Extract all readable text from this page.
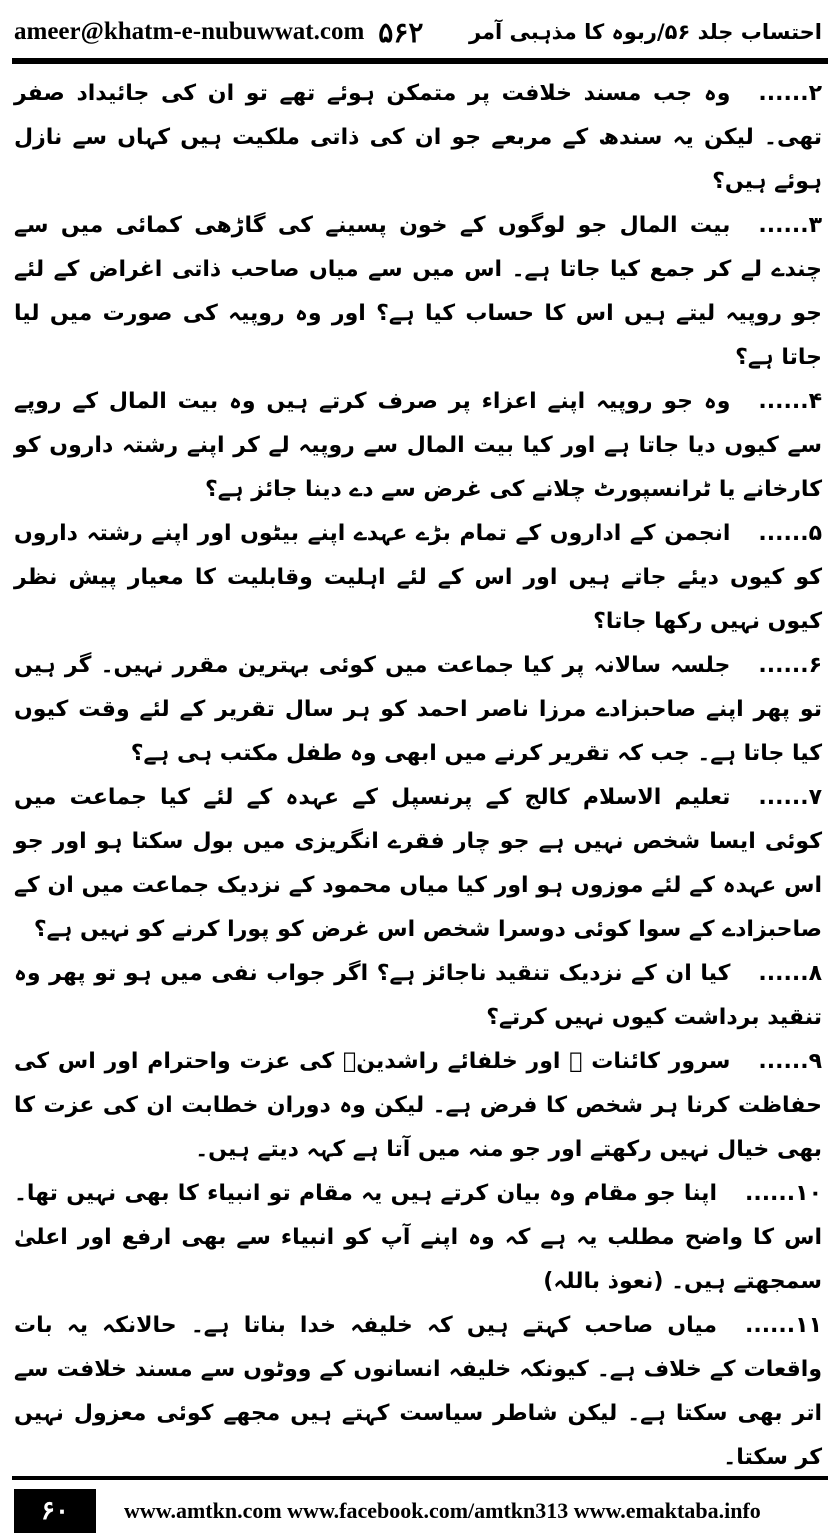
ameer@khatm-e-nubuwwat.com ۵۶۲ احتساب جلد ۵۶/ربوہ کا مذہبی آمر

۲......وہ جب مسند خلافت پر متمکن ہوئے تھے تو ان کی جائیداد صفر تھی۔ لیکن یہ سندھ کے مربعے جو ان کی ذاتی ملکیت ہیں کہاں سے نازل ہوئے ہیں؟

۳......بیت المال جو لوگوں کے خون پسینے کی گاڑھی کمائی میں سے چندے لے کر جمع کیا جاتا ہے۔ اس میں سے میاں صاحب ذاتی اغراض کے لئے جو روپیہ لیتے ہیں اس کا حساب کیا ہے؟ اور وہ روپیہ کی صورت میں لیا جاتا ہے؟

۴......وہ جو روپیہ اپنے اعزاء پر صرف کرتے ہیں وہ بیت المال کے روپے سے کیوں دیا جاتا ہے اور کیا بیت المال سے روپیہ لے کر اپنے رشتہ داروں کو کارخانے یا ٹرانسپورٹ چلانے کی غرض سے دے دینا جائز ہے؟

۵......انجمن کے اداروں کے تمام بڑے عہدے اپنے بیٹوں اور اپنے رشتہ داروں کو کیوں دیئے جاتے ہیں اور اس کے لئے اہلیت وقابلیت کا معیار پیش نظر کیوں نہیں رکھا جاتا؟

۶......جلسہ سالانہ پر کیا جماعت میں کوئی بہترین مقرر نہیں۔ گر ہیں تو پھر اپنے صاحبزادے مرزا ناصر احمد کو ہر سال تقریر کے لئے وقت کیوں کیا جاتا ہے۔ جب کہ تقریر کرنے میں ابھی وہ طفل مکتب ہی ہے؟

۷......تعلیم الاسلام کالج کے پرنسپل کے عہدہ کے لئے کیا جماعت میں کوئی ایسا شخص نہیں ہے جو چار فقرے انگریزی میں بول سکتا ہو اور جو اس عہدہ کے لئے موزوں ہو اور کیا میاں محمود کے نزدیک جماعت میں ان کے صاحبزادے کے سوا کوئی دوسرا شخص اس غرض کو پورا کرنے کو نہیں ہے؟

۸......کیا ان کے نزدیک تنقید ناجائز ہے؟ اگر جواب نفی میں ہو تو پھر وہ تنقید برداشت کیوں نہیں کرتے؟

۹......سرور کائنات ﷺ اور خلفائے راشدینؓ کی عزت واحترام اور اس کی حفاظت کرنا ہر شخص کا فرض ہے۔ لیکن وہ دوران خطابت ان کی عزت کا بھی خیال نہیں رکھتے اور جو منہ میں آتا ہے کہہ دیتے ہیں۔

۱۰......اپنا جو مقام وہ بیان کرتے ہیں یہ مقام تو انبیاء کا بھی نہیں تھا۔ اس کا واضح مطلب یہ ہے کہ وہ اپنے آپ کو انبیاء سے بھی ارفع اور اعلیٰ سمجھتے ہیں۔ (نعوذ باللہ)

۱۱......میاں صاحب کہتے ہیں کہ خلیفہ خدا بناتا ہے۔ حالانکہ یہ بات واقعات کے خلاف ہے۔ کیونکہ خلیفہ انسانوں کے ووٹوں سے مسند خلافت سے اتر بھی سکتا ہے۔ لیکن شاطر سیاست کہتے ہیں مجھے کوئی معزول نہیں کر سکتا۔

۶۰	www.amtkn.com www.facebook.com/amtkn313 www.emaktaba.info
